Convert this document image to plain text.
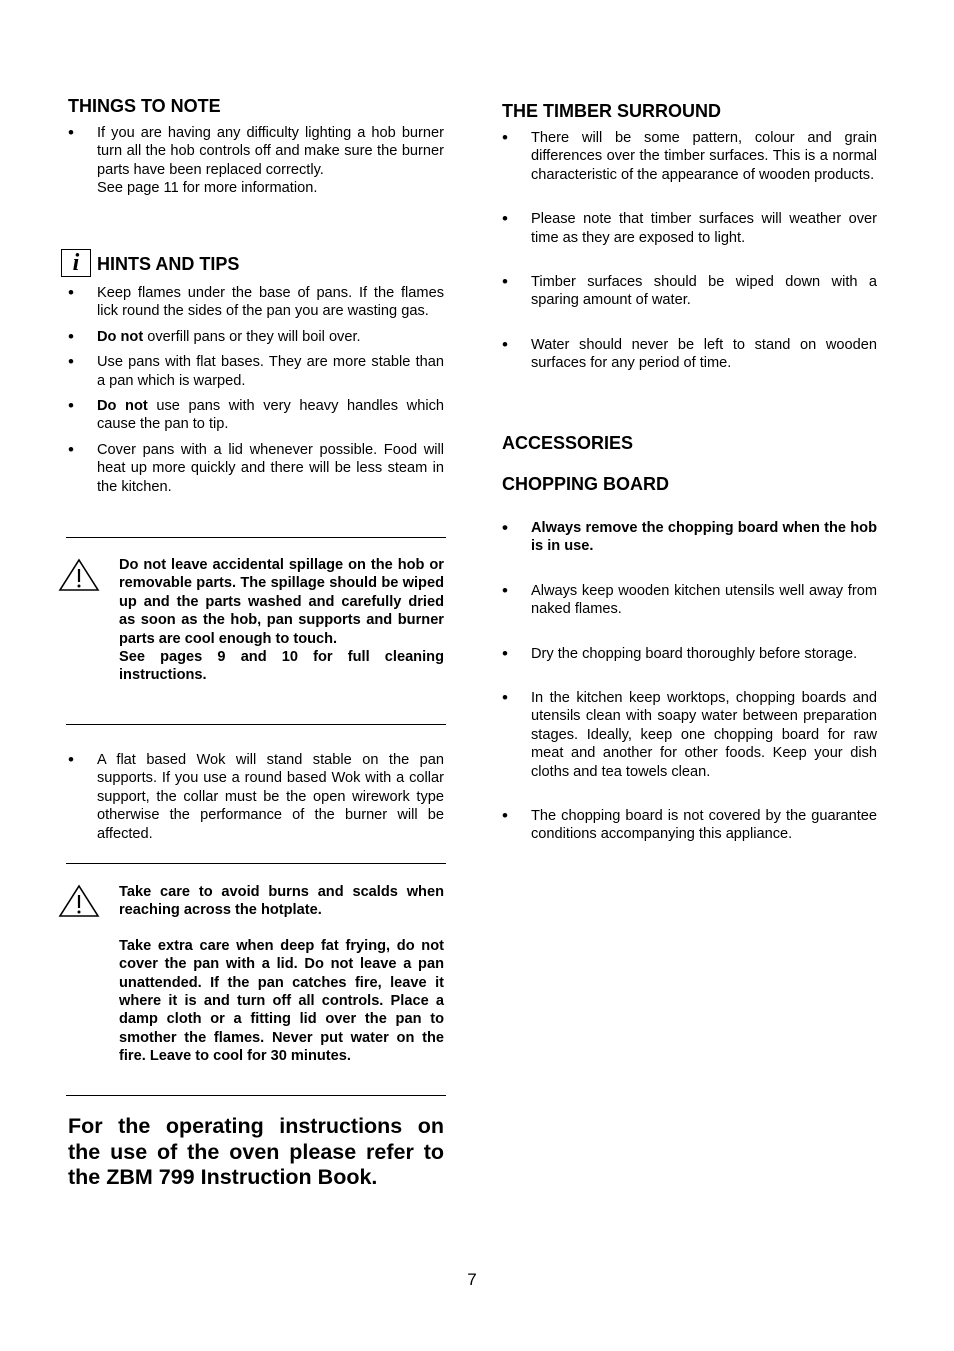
THINGS TO NOTE
• If you are having any difficulty lighting a hob burner turn all the hob controls off and make sure the burner parts have been replaced correctly.
See page 11 for more information.
i HINTS AND TIPS
• Keep flames under the base of pans. If the flames lick round the sides of the pan you are wasting gas.
• Do not overfill pans or they will boil over.
• Use pans with flat bases. They are more stable than a pan which is warped.
• Do not use pans with very heavy handles which cause the pan to tip.
• Cover pans with a lid whenever possible. Food will heat up more quickly and there will be less steam in the kitchen.
Do not leave accidental spillage on the hob or removable parts. The spillage should be wiped up and the parts washed and carefully dried as soon as the hob, pan supports and burner parts are cool enough to touch.
See pages 9 and 10 for full cleaning instructions.
• A flat based Wok will stand stable on the pan supports. If you use a round based Wok with a collar support, the collar must be the open wirework type otherwise the performance of the burner will be affected.
Take care to avoid burns and scalds when reaching across the hotplate.
Take extra care when deep fat frying, do not cover the pan with a lid. Do not leave a pan unattended. If the pan catches fire, leave it where it is and turn off all controls. Place a damp cloth or a fitting lid over the pan to smother the flames. Never put water on the fire. Leave to cool for 30 minutes.
For the operating instructions on the use of the oven please refer to the ZBM 799 Instruction Book.
THE TIMBER SURROUND
• There will be some pattern, colour and grain differences over the timber surfaces. This is a normal characteristic of the appearance of wooden products.
• Please note that timber surfaces will weather over time as they are exposed to light.
• Timber surfaces should be wiped down with a sparing amount of water.
• Water should never be left to stand on wooden surfaces for any period of time.
ACCESSORIES
CHOPPING BOARD
• Always remove the chopping board when the hob is in use.
• Always keep wooden kitchen utensils well away from naked flames.
• Dry the chopping board thoroughly before storage.
• In the kitchen keep worktops, chopping boards and utensils clean with soapy water between preparation stages. Ideally, keep one chopping board for raw meat and another for other foods. Keep your dish cloths and tea towels clean.
• The chopping board is not covered by the guarantee conditions accompanying this appliance.
7
